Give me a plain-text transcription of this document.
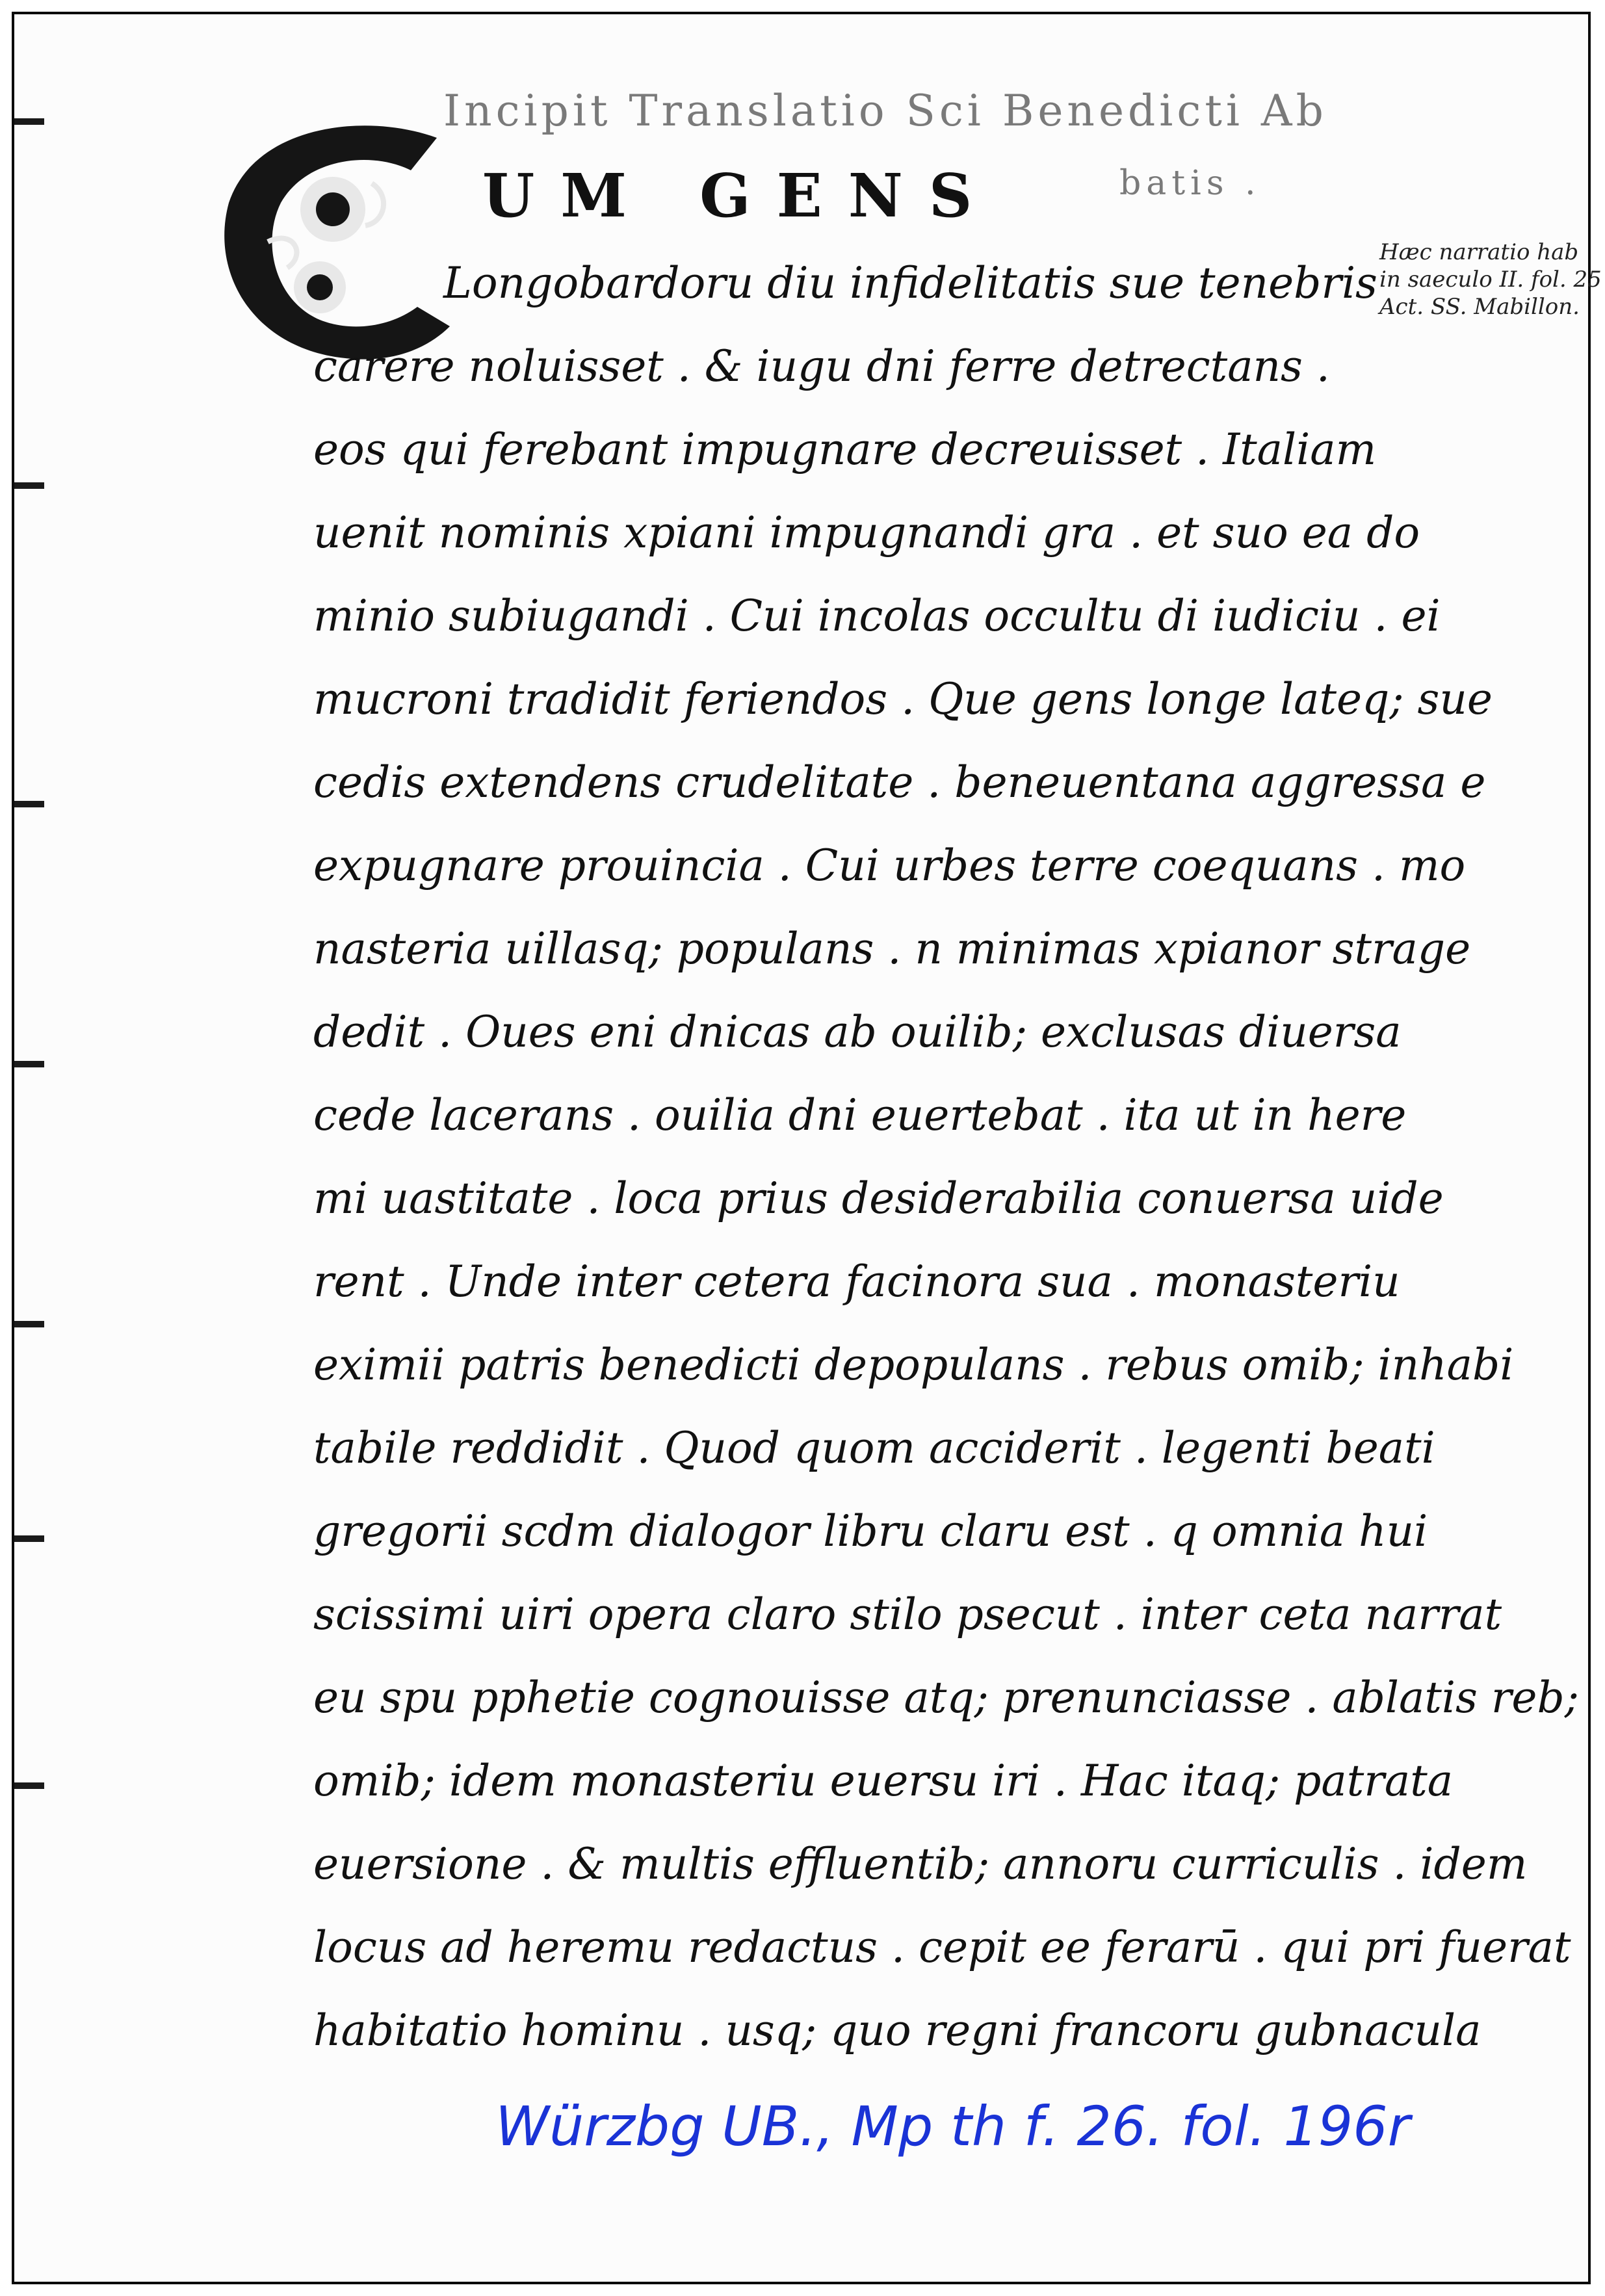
Incipit Translatio Sci Benedicti Ab
batis .
UM GENS
Hæc narratio hab
in saeculo II. fol. 25
Act. SS. Mabillon.
Longobardoru diu infidelitatis sue tenebris
carere noluisset . & iugu dni ferre detrectans .
eos qui ferebant impugnare decreuisset . Italiam
uenit nominis xpiani impugnandi gra . et suo ea do
minio subiugandi . Cui incolas occultu di iudiciu . ei
mucroni tradidit feriendos . Que gens longe lateq; sue
cedis extendens crudelitate . beneuentana aggressa e
expugnare prouincia . Cui urbes terre coequans . mo
nasteria uillasq; populans . n minimas xpianor strage
dedit . Oues eni dnicas ab ouilib; exclusas diuersa
cede lacerans . ouilia dni euertebat . ita ut in here
mi uastitate . loca prius desiderabilia conuersa uide
rent . Unde inter cetera facinora sua . monasteriu
eximii patris benedicti depopulans . rebus omib; inhabi
tabile reddidit . Quod quom acciderit . legenti beati
gregorii scdm dialogor libru claru est . q omnia hui
scissimi uiri opera claro stilo psecut . inter ceta narrat
eu spu pphetie cognouisse atq; prenunciasse . ablatis reb;
omib; idem monasteriu euersu iri . Hac itaq; patrata
euersione . & multis effluentib; annoru curriculis . idem
locus ad heremu redactus . cepit ee ferarū . qui pri fuerat
habitatio hominu . usq; quo regni francoru gubnacula
Würzbg UB., Mp th f. 26. fol. 196r
